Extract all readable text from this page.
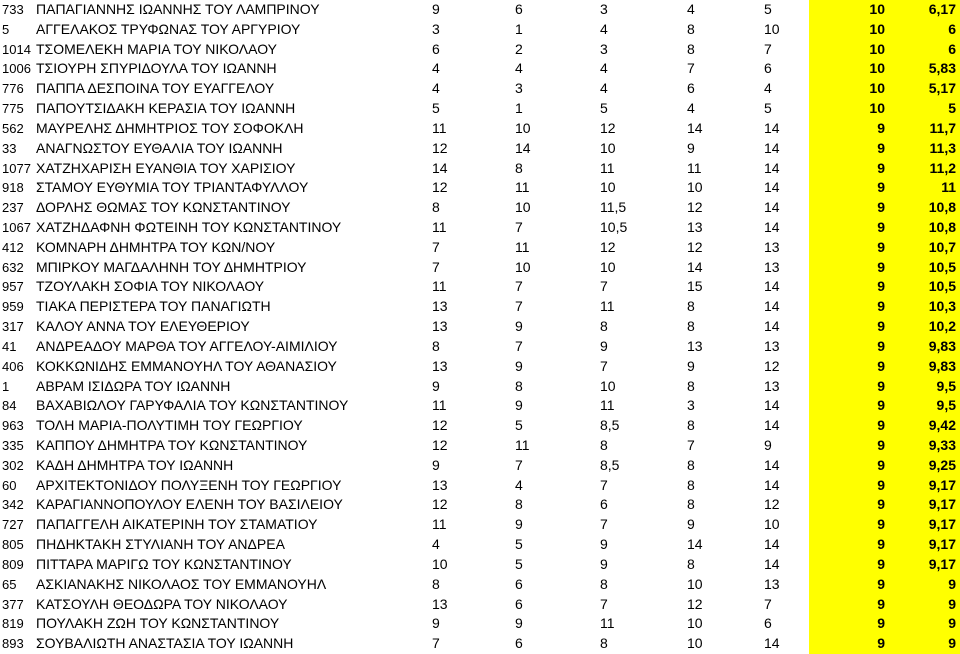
733 ΠΑΠΑΓΙΑΝΝΗΣ ΙΩΑΝΝΗΣ ΤΟΥ ΛΑΜΠΡΙΝΟΥ	9	6	3	4	5	10	6,17
5	ΑΓΓΕΛΑΚΟΣ ΤΡΥΦΩΝΑΣ ΤΟΥ ΑΡΓΥΡΙΟΥ	3	1	4	8	10	10	6
1014 ΤΣΟΜΕΛΕΚΗ ΜΑΡΙΑ ΤΟΥ ΝΙΚΟΛΑΟΥ	6	2	3	8	7	10	6
1006 ΤΣΙΟΥΡΗ ΣΠΥΡΙΔΟΥΛΑ ΤΟΥ ΙΩΑΝΝΗ	4	4	4	7	6	10	5,83
776 ΠΑΠΠΑ ΔΕΣΠΟΙΝΑ ΤΟΥ ΕΥΑΓΓΕΛΟΥ	4	3	4	6	4	10	5,17
775 ΠΑΠΟΥΤΣΙΔΑΚΗ ΚΕΡΑΣΙΑ ΤΟΥ ΙΩΑΝΝΗ	5	1	5	4	5	10	5
562 ΜΑΥΡΕΛΗΣ ΔΗΜΗΤΡΙΟΣ ΤΟΥ ΣΟΦΟΚΛΗ	11	10	12	14	14	9	11,7
33	ΑΝΑΓΝΩΣΤΟΥ ΕΥΘΑΛΙΑ ΤΟΥ ΙΩΑΝΝΗ	12	14	10	9	14	9	11,3
1077 ΧΑΤΖΗΧΑΡΙΣΗ ΕΥΑΝΘΙΑ ΤΟΥ ΧΑΡΙΣΙΟΥ	14	8	11	11	14	9	11,2
918 ΣΤΑΜΟΥ ΕΥΘΥΜΙΑ ΤΟΥ ΤΡΙΑΝΤΑΦΥΛΛΟΥ	12	11	10	10	14	9	11
237 ΔΟΡΛΗΣ ΘΩΜΑΣ ΤΟΥ ΚΩΝΣΤΑΝΤΙΝΟΥ	8	10	11,5	12	14	9	10,8
1067 ΧΑΤΖΗΔΑΦΝΗ ΦΩΤΕΙΝΗ ΤΟΥ ΚΩΝΣΤΑΝΤΙΝΟΥ	11	7	10,5	13	14	9	10,8
412 ΚΟΜΝΑΡΗ ΔΗΜΗΤΡΑ ΤΟΥ ΚΩΝ/ΝΟΥ	7	11	12	12	13	9	10,7
632 ΜΠΙΡΚΟΥ ΜΑΓΔΑΛΗΝΗ ΤΟΥ ΔΗΜΗΤΡΙΟΥ	7	10	10	14	13	9	10,5
957 ΤΖΟΥΛΑΚΗ ΣΟΦΙΑ ΤΟΥ ΝΙΚΟΛΑΟΥ	11	7	7	15	14	9	10,5
959 ΤΙΑΚΑ ΠΕΡΙΣΤΕΡΑ ΤΟΥ ΠΑΝΑΓΙΩΤΗ	13	7	11	8	14	9	10,3
317 ΚΑΛΟΥ ΑΝΝΑ ΤΟΥ ΕΛΕΥΘΕΡΙΟΥ	13	9	8	8	14	9	10,2
41	ΑΝΔΡΕΑΔΟΥ ΜΑΡΘΑ ΤΟΥ ΑΓΓΕΛΟΥ-ΑΙΜΙΛΙΟΥ	8	7	9	13	13	9	9,83
406 ΚΟΚΚΩΝΙΔΗΣ ΕΜΜΑΝΟΥΗΛ ΤΟΥ ΑΘΑΝΑΣΙΟΥ	13	9	7	9	12	9	9,83
1	ΑΒΡΑΜ ΙΣΙΔΩΡΑ ΤΟΥ ΙΩΑΝΝΗ	9	8	10	8	13	9	9,5
84	ΒΑΧΑΒΙΩΛΟΥ ΓΑΡΥΦΑΛΙΑ ΤΟΥ ΚΩΝΣΤΑΝΤΙΝΟΥ	11	9	11	3	14	9	9,5
963 ΤΟΛΗ ΜΑΡΙΑ-ΠΟΛΥΤΙΜΗ ΤΟΥ ΓΕΩΡΓΙΟΥ	12	5	8,5	8	14	9	9,42
335 ΚΑΠΠΟΥ ΔΗΜΗΤΡΑ ΤΟΥ ΚΩΝΣΤΑΝΤΙΝΟΥ	12	11	8	7	9	9	9,33
302 ΚΑΔΗ ΔΗΜΗΤΡΑ ΤΟΥ ΙΩΑΝΝΗ	9	7	8,5	8	14	9	9,25
60	ΑΡΧΙΤΕΚΤΟΝΙΔΟΥ ΠΟΛΥΞΕΝΗ ΤΟΥ ΓΕΩΡΓΙΟΥ	13	4	7	8	14	9	9,17
342 ΚΑΡΑΓΙΑΝΝΟΠΟΥΛΟΥ ΕΛΕΝΗ ΤΟΥ ΒΑΣΙΛΕΙΟΥ	12	8	6	8	12	9	9,17
727 ΠΑΠΑΓΓΕΛΗ ΑΙΚΑΤΕΡΙΝΗ ΤΟΥ ΣΤΑΜΑΤΙΟΥ	11	9	7	9	10	9	9,17
805 ΠΗΔΗΚΤΑΚΗ ΣΤΥΛΙΑΝΗ ΤΟΥ ΑΝΔΡΕΑ	4	5	9	14	14	9	9,17
809 ΠΙΤΤΑΡΑ ΜΑΡΙΓΩ ΤΟΥ ΚΩΝΣΤΑΝΤΙΝΟΥ	10	5	9	8	14	9	9,17
65	ΑΣΚΙΑΝΑΚΗΣ ΝΙΚΟΛΑΟΣ ΤΟΥ ΕΜΜΑΝΟΥΗΛ	8	6	8	10	13	9	9
377 ΚΑΤΣΟΥΛΗ ΘΕΟΔΩΡΑ ΤΟΥ ΝΙΚΟΛΑΟΥ	13	6	7	12	7	9	9
819 ΠΟΥΛΑΚΗ ΖΩΗ ΤΟΥ ΚΩΝΣΤΑΝΤΙΝΟΥ	9	9	11	10	6	9	9
893 ΣΟΥΒΑΛΙΩΤΗ ΑΝΑΣΤΑΣΙΑ ΤΟΥ ΙΩΑΝΝΗ	7	6	8	10	14	9	9
